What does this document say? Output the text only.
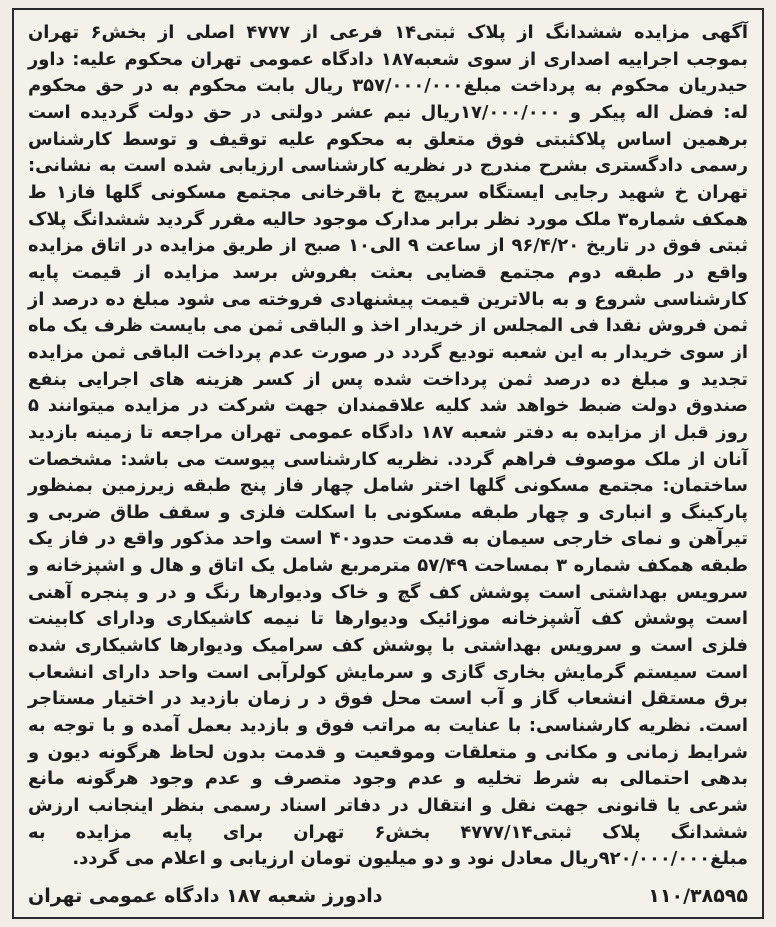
آگهی مزایده ششدانگ از پلاک ثبتی۱۴ فرعی از ۴۷۷۷ اصلی از بخش۶ تهران بموجب اجراییه اصداری از سوی شعبه۱۸۷ دادگاه عمومی تهران محکوم علیه: داور حیدریان محکوم به پرداخت مبلغ۳۵۷/۰۰۰/۰۰۰ ریال بابت محکوم به در حق محکوم له: فضل اله پیکر و ۱۷/۰۰۰/۰۰۰ریال نیم عشر دولتی در حق دولت گردیده است برهمین اساس پلاکثبتی فوق متعلق به محکوم علیه توقیف و توسط کارشناس رسمی دادگستری بشرح مندرج در نظریه کارشناسی ارزیابی شده است به نشانی: تهران خ شهید رجایی ایستگاه سرپیچ خ باقرخانی مجتمع مسکونی گلها فاز۱ ط همکف شماره۳ ملک مورد نظر برابر مدارک موجود حالیه مقرر گردید ششدانگ پلاک ثبتی فوق در تاریخ ۹۶/۴/۲۰ از ساعت ۹ الی۱۰ صبح از طریق مزایده در اتاق مزایده واقع در طبقه دوم مجتمع قضایی بعثت بفروش برسد مزایده از قیمت پایه کارشناسی شروع و به بالاترین قیمت پیشنهادی فروخته می شود مبلغ ده درصد از ثمن فروش نقدا فی المجلس از خریدار اخذ و الباقی ثمن می بایست ظرف یک ماه از سوی خریدار به این شعبه تودیع گردد در صورت عدم پرداخت الباقی ثمن مزایده تجدید و مبلغ ده درصد ثمن پرداخت شده پس از کسر هزینه های اجرایی بنفع صندوق دولت ضبط خواهد شد کلیه علاقمندان جهت شرکت در مزایده میتوانند ۵ روز قبل از مزایده به دفتر شعبه ۱۸۷ دادگاه عمومی تهران مراجعه تا زمینه بازدید آنان از ملک موصوف فراهم گردد. نظریه کارشناسی پیوست می باشد: مشخصات ساختمان: مجتمع مسکونی گلها اختر شامل چهار فاز پنج طبقه زیرزمین بمنظور پارکینگ و انباری و چهار طبقه مسکونی با اسکلت فلزی و سقف طاق ضربی و تیرآهن و نمای خارجی سیمان به قدمت حدود۴۰ است واحد مذکور واقع در فاز یک طبقه همکف شماره ۳ بمساحت ۵۷/۴۹ مترمربع شامل یک اتاق و هال و اشپزخانه و سرویس بهداشتی است پوشش کف گچ و خاک ودیوارها رنگ و در و پنجره آهنی است پوشش کف آشپزخانه موزائیک ودیوارها تا نیمه کاشیکاری ودارای کابینت فلزی است و سرویس بهداشتی با پوشش کف سرامیک ودیوارها کاشیکاری شده است سیستم گرمایش بخاری گازی و سرمایش کولرآبی است واحد دارای انشعاب برق مستقل انشعاب گاز و آب است محل فوق د ر زمان بازدید در اختیار مستاجر است. نظریه کارشناسی: با عنایت به مراتب فوق و بازدید بعمل آمده و با توجه به شرایط زمانی و مکانی و متعلقات وموقعیت و قدمت بدون لحاظ هرگونه دیون و بدهی احتمالی به شرط تخلیه و عدم وجود متصرف و عدم وجود هرگونه مانع شرعی یا قانونی جهت نقل و انتقال در دفاتر اسناد رسمی بنظر اینجانب ارزش ششدانگ پلاک ثبتی۴۷۷۷/۱۴ بخش۶ تهران برای پایه مزایده به مبلغ۹۲۰/۰۰۰/۰۰۰ریال معادل نود و دو میلیون تومان ارزیابی و اعلام می گردد.

دادورز شعبه ۱۸۷ دادگاه عمومی تهران	۱۱۰/۳۸۵۹۵
